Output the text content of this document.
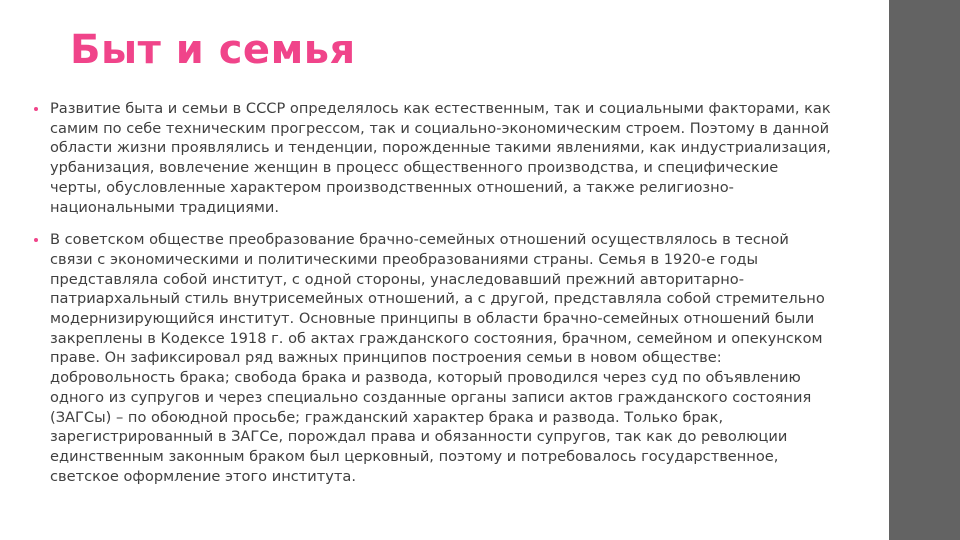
Быт и семья
Развитие быта и семьи в СССР определялось как естественным, так и социальными факторами, как самим по себе техническим прогрессом, так и социально-экономическим строем. Поэтому в данной области жизни проявлялись и тенденции, порожденные такими явлениями, как индустриализация, урбанизация, вовлечение женщин в процесс общественного производства, и специфические черты, обусловленные характером производственных отношений, а также религиозно-национальными традициями.
В советском обществе преобразование брачно-семейных отношений осуществлялось в тесной связи с экономическими и политическими преобразованиями страны. Семья в 1920-е годы представляла собой институт, с одной стороны, унаследовавший прежний авторитарно-патриархальный стиль внутрисемейных отношений, а с другой, представляла собой стремительно модернизирующийся институт. Основные принципы в области брачно-семейных отношений были закреплены в Кодексе 1918 г. об актах гражданского состояния, брачном, семейном и опекунском праве. Он зафиксировал ряд важных принципов построения семьи в новом обществе: добровольность брака; свобода брака и развода, который проводился через суд по объявлению одного из супругов и через специально созданные органы записи актов гражданского состояния (ЗАГСы) – по обоюдной просьбе; гражданский характер брака и развода. Только брак, зарегистрированный в ЗАГСе, порождал права и обязанности супругов, так как до революции единственным законным браком был церковный, поэтому и потребовалось государственное, светское оформление этого института.
